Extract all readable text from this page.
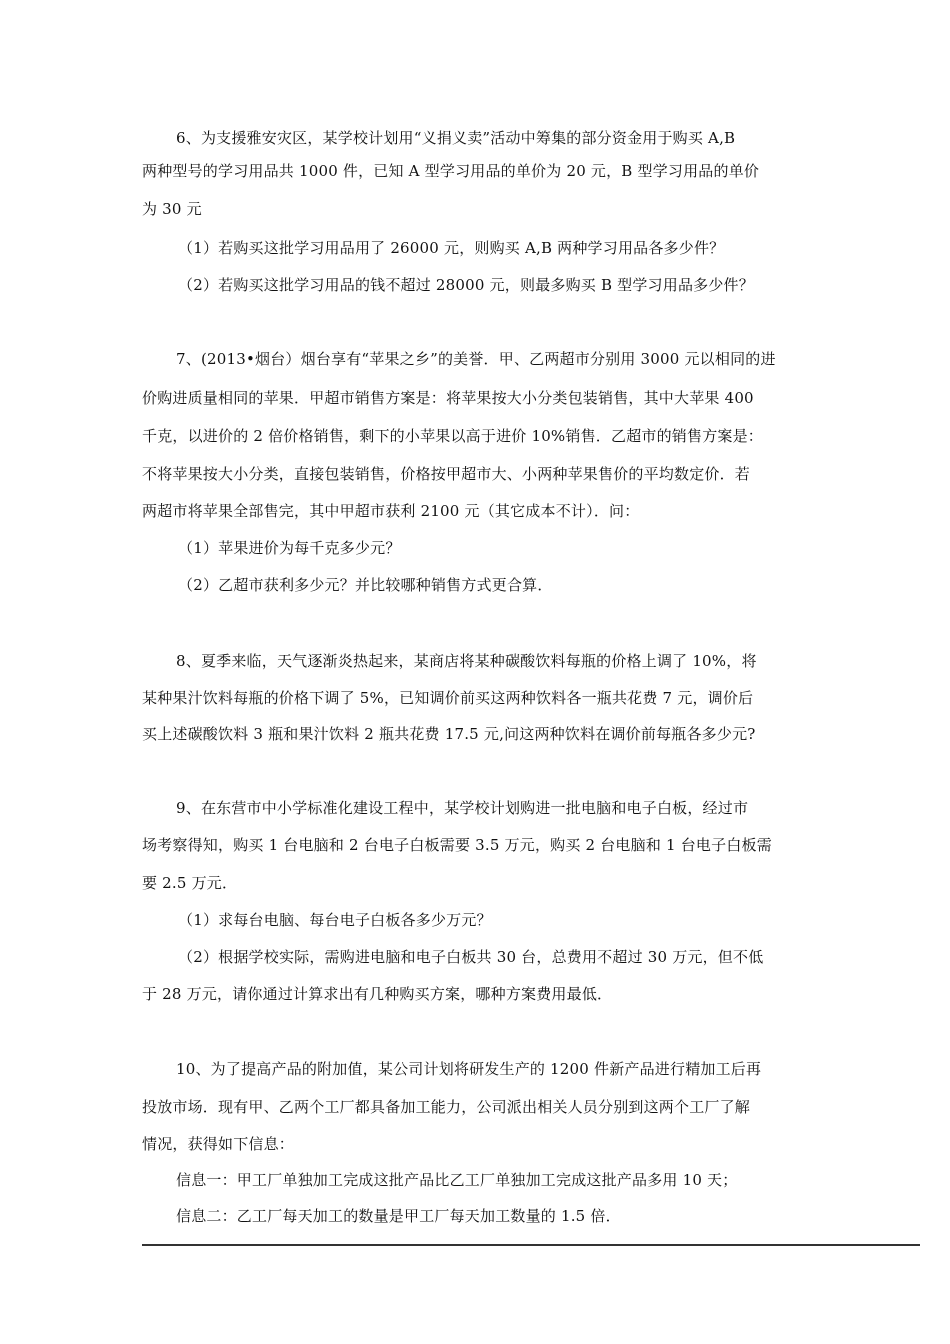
6、为支援雅安灾区，某学校计划用“义捐义卖”活动中筹集的部分资金用于购买 A,B
两种型号的学习用品共 1000 件，已知 A 型学习用品的单价为 20 元，B 型学习用品的单价
为 30 元
（1）若购买这批学习用品用了 26000 元，则购买 A,B 两种学习用品各多少件？
（2）若购买这批学习用品的钱不超过 28000 元，则最多购买 B 型学习用品多少件？
7、(2013•烟台）烟台享有“苹果之乡”的美誉．甲、乙两超市分别用 3000 元以相同的进
价购进质量相同的苹果．甲超市销售方案是：将苹果按大小分类包装销售，其中大苹果 400
千克，以进价的 2 倍价格销售，剩下的小苹果以高于进价 10%销售．乙超市的销售方案是：
不将苹果按大小分类，直接包装销售，价格按甲超市大、小两种苹果售价的平均数定价．若
两超市将苹果全部售完，其中甲超市获利 2100 元（其它成本不计）．问：
（1）苹果进价为每千克多少元？
（2）乙超市获利多少元？并比较哪种销售方式更合算．
8、夏季来临，天气逐渐炎热起来，某商店将某种碳酸饮料每瓶的价格上调了 10%，将
某种果汁饮料每瓶的价格下调了 5%，已知调价前买这两种饮料各一瓶共花费 7 元，调价后
买上述碳酸饮料 3 瓶和果汁饮料 2 瓶共花费 17.5 元,问这两种饮料在调价前每瓶各多少元?
9、在东营市中小学标准化建设工程中，某学校计划购进一批电脑和电子白板，经过市
场考察得知，购买 1 台电脑和 2 台电子白板需要 3.5 万元，购买 2 台电脑和 1 台电子白板需
要 2.5 万元．
（1）求每台电脑、每台电子白板各多少万元？
（2）根据学校实际，需购进电脑和电子白板共 30 台，总费用不超过 30 万元，但不低
于 28 万元，请你通过计算求出有几种购买方案，哪种方案费用最低．
10、为了提高产品的附加值，某公司计划将研发生产的 1200 件新产品进行精加工后再
投放市场．现有甲、乙两个工厂都具备加工能力，公司派出相关人员分别到这两个工厂了解
情况，获得如下信息：
信息一：甲工厂单独加工完成这批产品比乙工厂单独加工完成这批产品多用 10 天；
信息二：乙工厂每天加工的数量是甲工厂每天加工数量的 1.5 倍．
